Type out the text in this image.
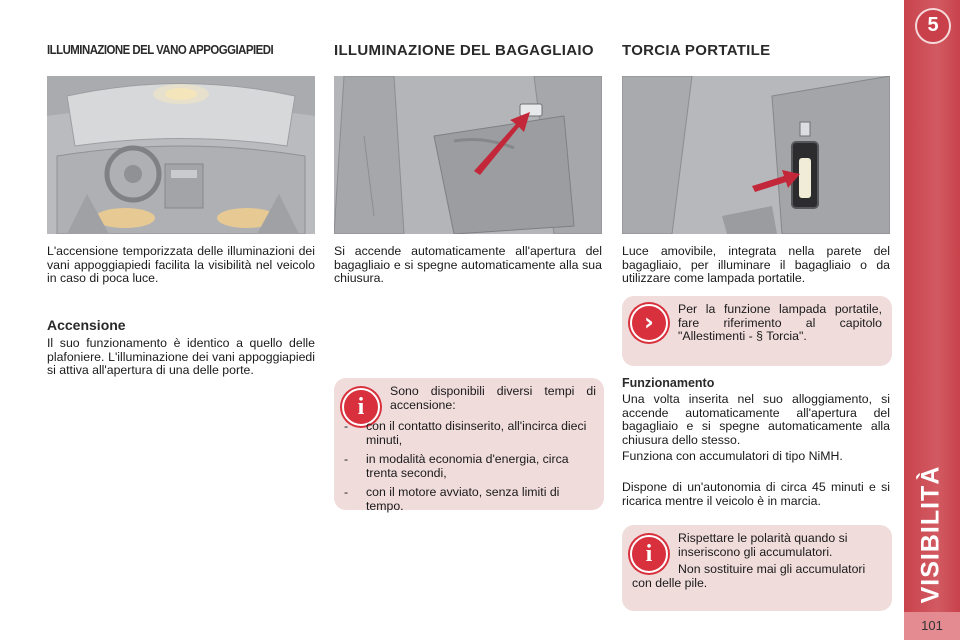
ILLUMINAZIONE DEL VANO APPOGGIAPIEDI

L'accensione temporizzata delle illuminazioni dei vani appoggiapiedi facilita la visibilità nel veicolo in caso di poca luce.

Accensione

Il suo funzionamento è identico a quello delle plafoniere. L'illuminazione dei vani appoggiapiedi si attiva all'apertura di una delle porte.

ILLUMINAZIONE DEL BAGAGLIAIO

Si accende automaticamente all'apertura del bagagliaio e si spegne automaticamente alla sua chiusura.

i

Sono disponibili diversi tempi di accensione:

- con il contatto disinserito, all'incirca dieci minuti,
- in modalità economia d'energia, circa trenta secondi,
- con il motore avviato, senza limiti di tempo.
TORCIA PORTATILE

Luce amovibile, integrata nella parete del bagagliaio, per illuminare il bagagliaio o da utilizzare come lampada portatile.

›	Per la funzione lampada portatile, fare riferimento al capitolo "Allestimenti - § Torcia".

Funzionamento

Una volta inserita nel suo alloggiamento, si accende automaticamente all'apertura del bagagliaio e si spegne automaticamente alla chiusura dello stesso.

Funziona con accumulatori di tipo NiMH.

Dispone di un'autonomia di circa 45 minuti e si ricarica mentre il veicolo è in marcia.

i

Rispettare le polarità quando si inseriscono gli accumulatori.

Non sostituire mai gli accumulatori con delle pile.

5
VISIBILITÀ
101
